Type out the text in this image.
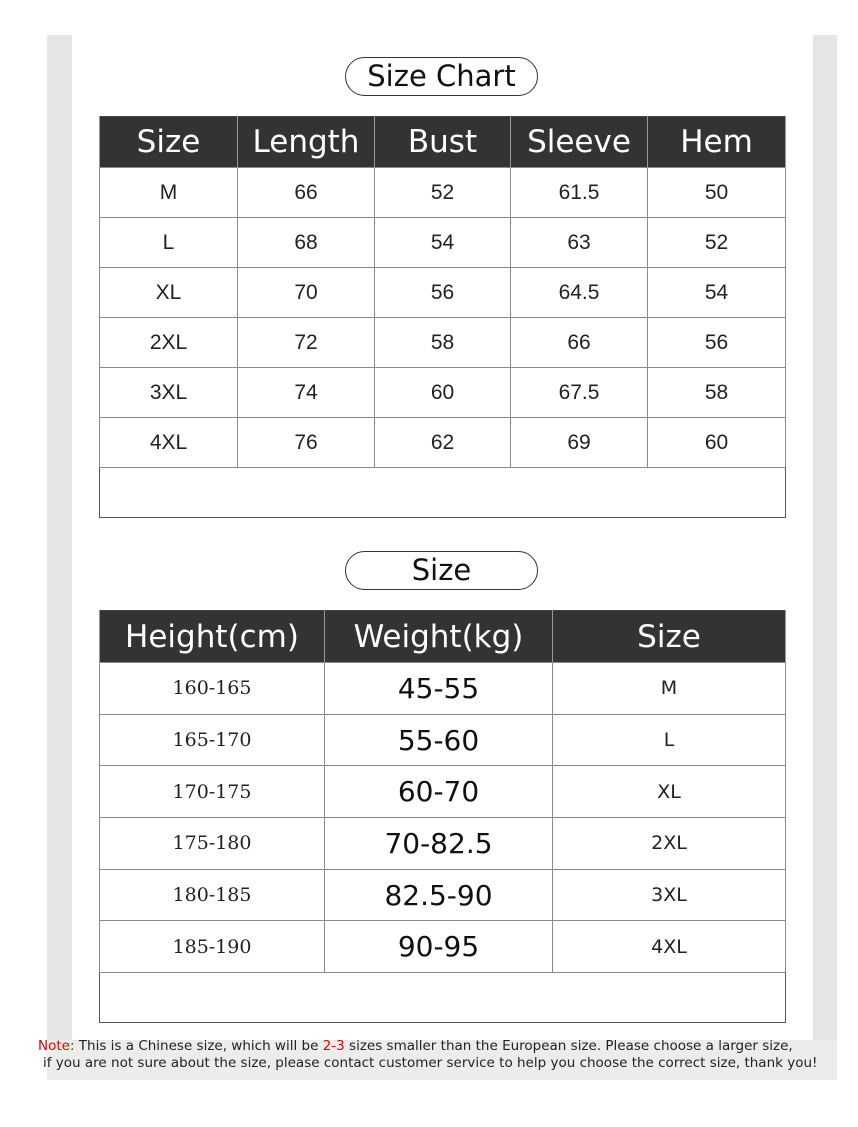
Size Chart
Size	Length	Bust	Sleeve	Hem
M	66	52	61.5	50
L	68	54	63	52
XL	70	56	64.5	54
2XL	72	58	66	56
3XL	74	60	67.5	58
4XL	76	62	69	60

Size
Height(cm)	Weight(kg)	Size
160-165	45-55	M
165-170	55-60	L
170-175	60-70	XL
175-180	70-82.5	2XL
180-185	82.5-90	3XL
185-190	90-95	4XL

Note: This is a Chinese size, which will be 2-3 sizes smaller than the European size. Please choose a larger size,
if you are not sure about the size, please contact customer service to help you choose the correct size, thank you!
